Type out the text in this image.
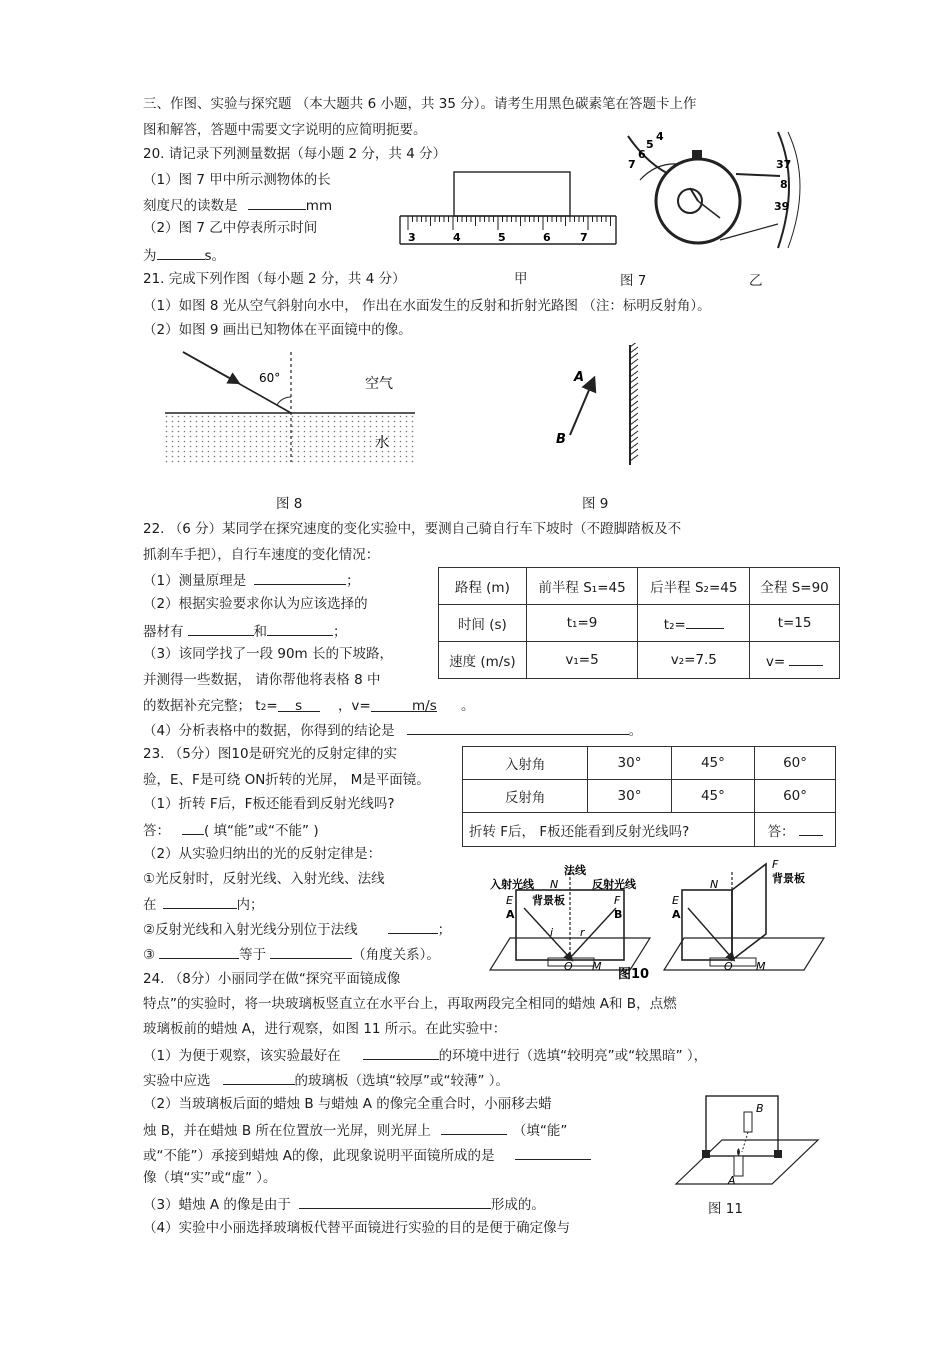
三、作图、实验与探究题 （本大题共 6 小题，共 35 分）。请考生用黑色碳素笔在答题卡上作
图和解答，答题中需要文字说明的应简明扼要。
20. 请记录下列测量数据（每小题 2 分，共 4 分）
（1）图 7 甲中所示测物体的长
刻度尺的读数是	mm
（2）图 7 乙中停表所示时间
为	s。
3	4	5	6	7
7
6
5
4
37
8
39
甲	图 7	乙
21. 完成下列作图（每小题 2 分，共 4 分）
（1）如图 8 光从空气斜射向水中， 作出在水面发生的反射和折射光路图 （注：标明反射角）。
（2）如图 9 画出已知物体在平面镜中的像。
60°	空气
水
图 8
A
B
图 9
22. （6 分）某同学在探究速度的变化实验中，要测自己骑自行车下坡时（不蹬脚踏板及不
抓刹车手把），自行车速度的变化情况：
（1）测量原理是	；
（2）根据实验要求你认为应该选择的
器材有	和	；
（3）该同学找了一段 90m 长的下坡路，
并测得一些数据， 请你帮他将表格 8 中
的数据补充完整； t2= s	，v=	m/s 。
（4）分析表格中的数据，你得到的结论是	。
路程 (m)	前半程 S₁=45	后半程 S₂=45	全程 S=90
时间 (s)	t₁=9	t₂=	t=15
速度 (m/s)	v₁=5	v₂=7.5	v=
23. （5分）图10是研究光的反射定律的实
验，E、F是可绕 ON折转的光屏， M是平面镜。
（1）折转 F后，F板还能看到反射光线吗?
答：	( 填“能”或“不能” )
（2）从实验归纳出的光的反射定律是：
①光反射时，反射光线、入射光线、法线
在	内；
②反射光线和入射光线分别位于法线	；
③	等于	（角度关系）。
入射角	30°	45°	60°
反射角	30°	45°	60°
折转 F后， F板还能看到反射光线吗?			答：
入射光线
法线
反射光线
背景板
N
E	F
A	B
i r
O M
图10
N
E
F
背景板
A
O M
24. （8分）小丽同学在做“探究平面镜成像
特点”的实验时，将一块玻璃板竖直立在水平台上，再取两段完全相同的蜡烛 A和 B，点燃
玻璃板前的蜡烛 A，进行观察，如图 11 所示。在此实验中：
（1）为便于观察，该实验最好在	的环境中进行（选填“较明亮”或“较黑暗” ），
实验中应选	的玻璃板（选填“较厚”或“较薄” ）。
（2）当玻璃板后面的蜡烛 B 与蜡烛 A 的像完全重合时，小丽移去蜡
烛 B，并在蜡烛 B 所在位置放一光屏，则光屏上	（填“能”
或“不能”）承接到蜡烛 A的像，此现象说明平面镜所成的是
像（填“实”或“虚” ）。
（3）蜡烛 A 的像是由于	形成的。
（4）实验中小丽选择玻璃板代替平面镜进行实验的目的是便于确定像与
B
A
图 11
